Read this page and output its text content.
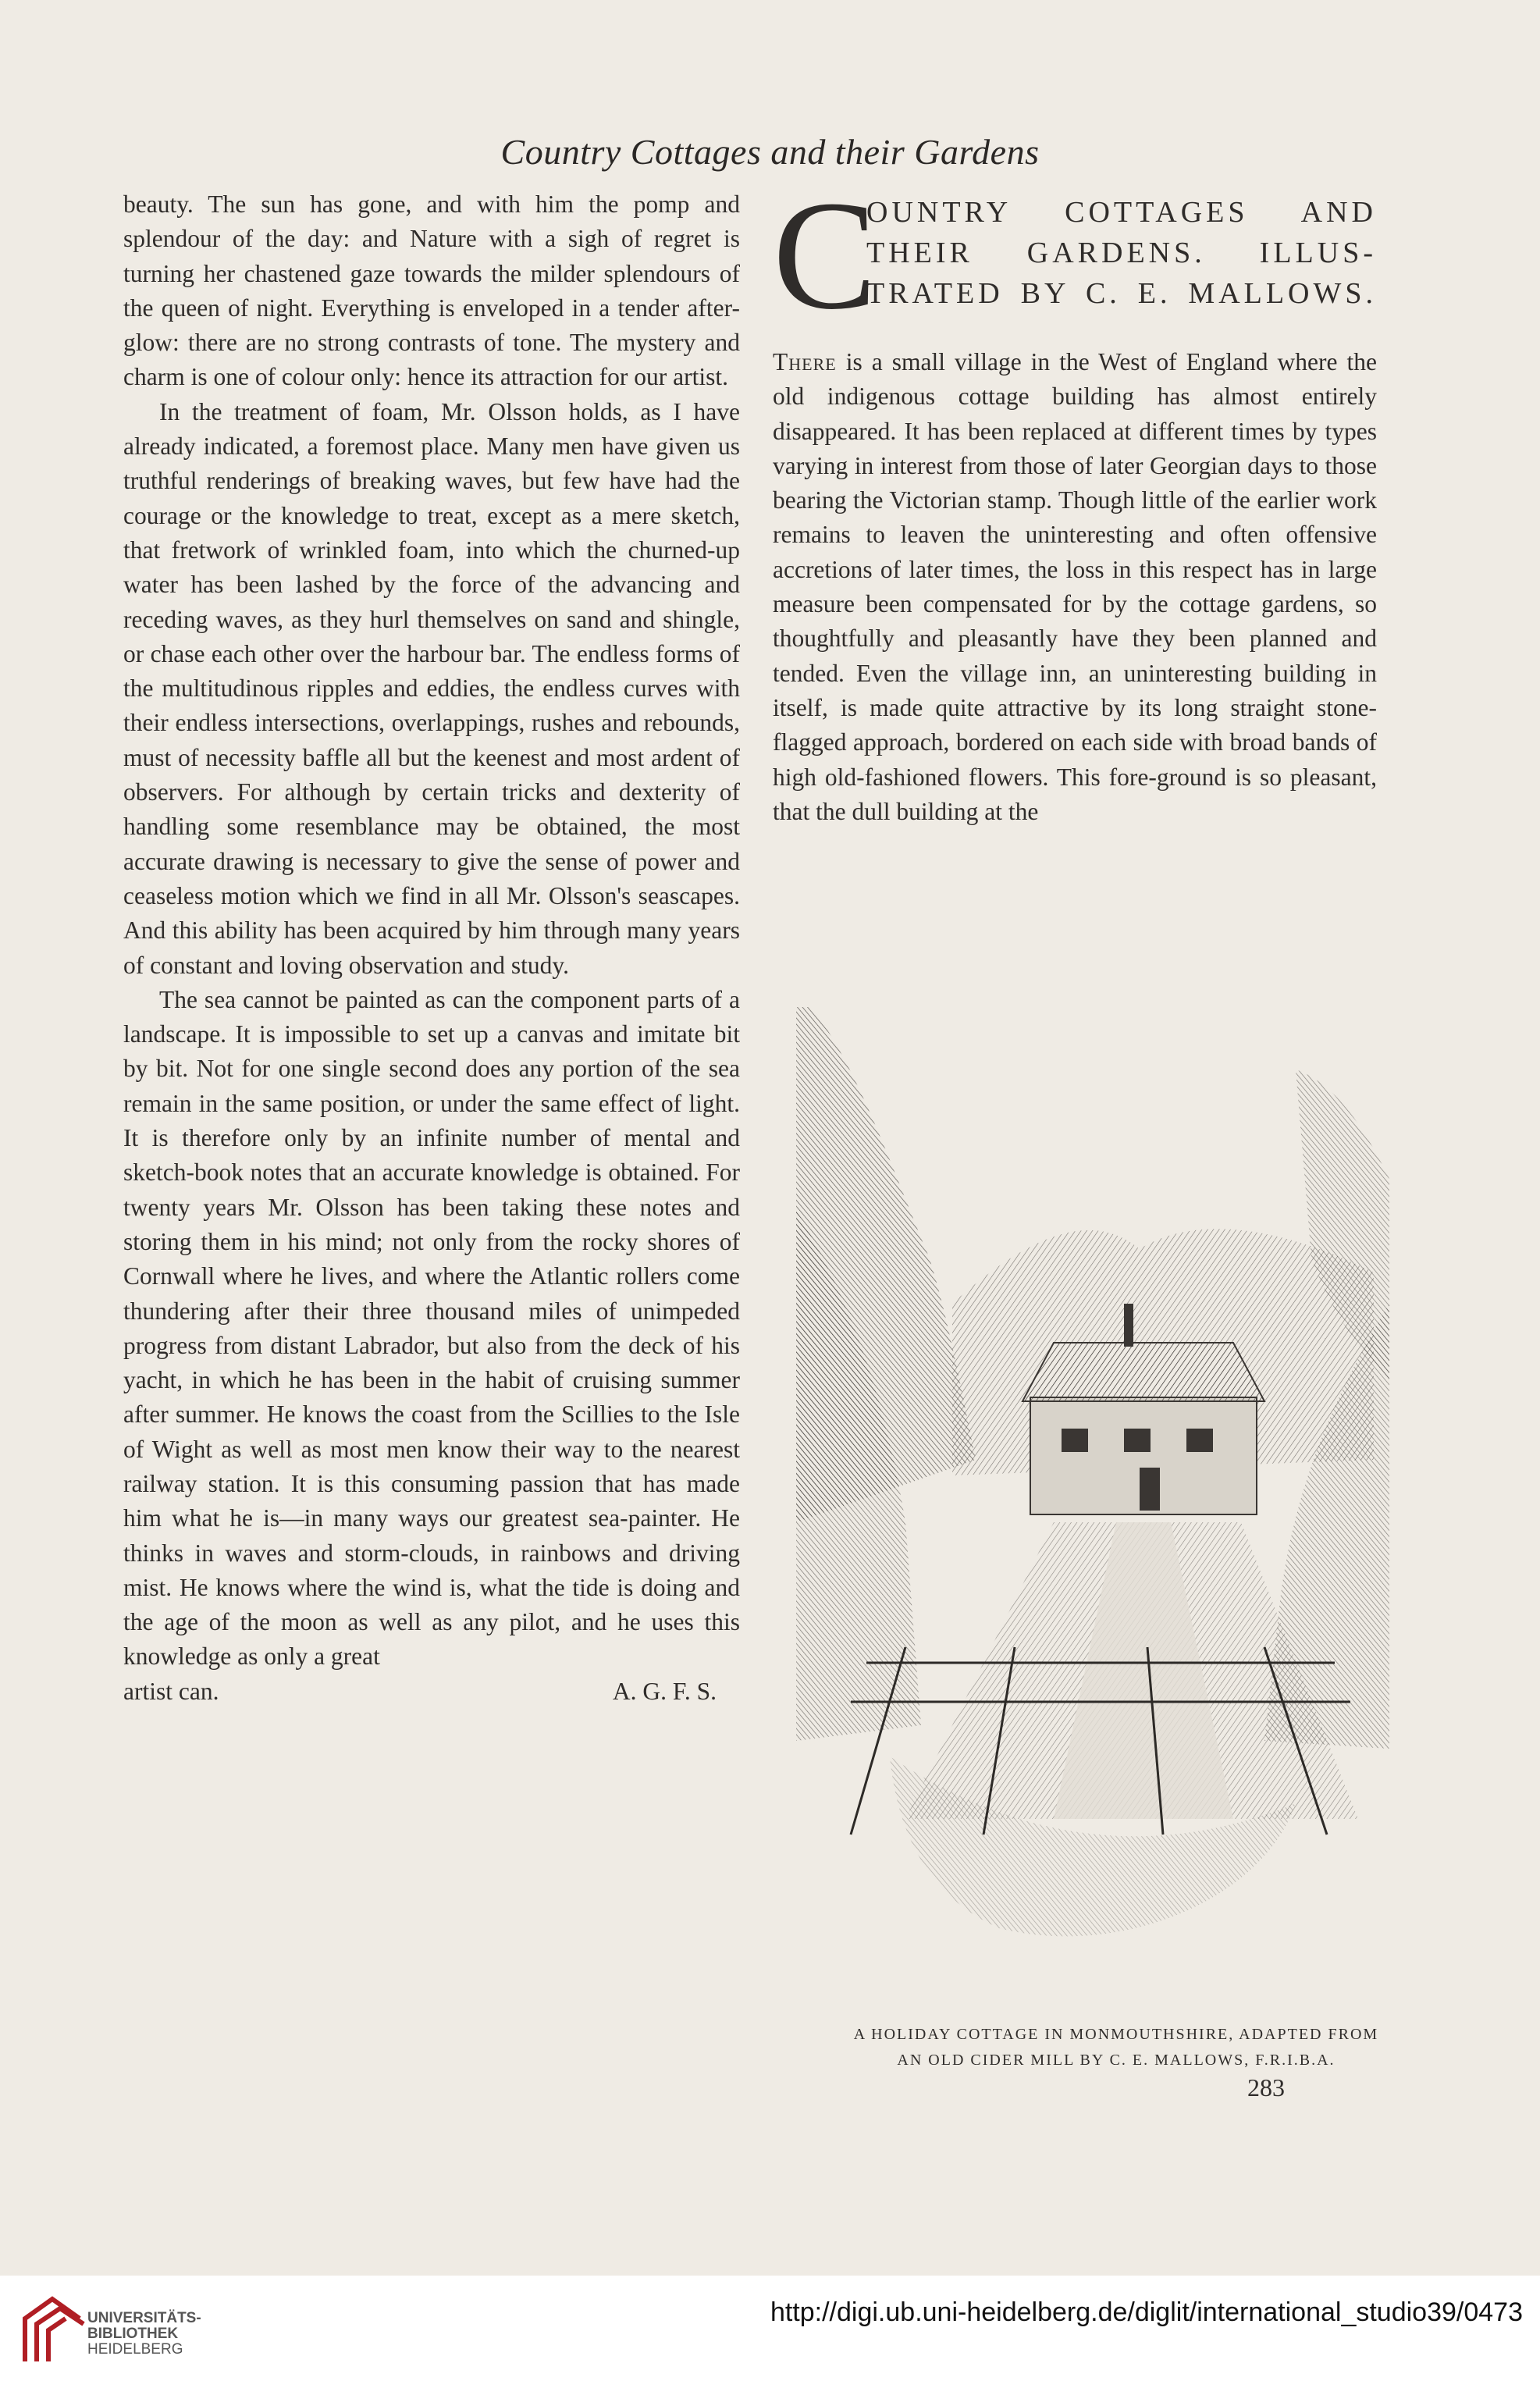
Country Cottages and their Gardens

beauty. The sun has gone, and with him the pomp and splendour of the day: and Nature with a sigh of regret is turning her chastened gaze towards the milder splendours of the queen of night. Everything is enveloped in a tender after-glow: there are no strong contrasts of tone. The mystery and charm is one of colour only: hence its attraction for our artist.

In the treatment of foam, Mr. Olsson holds, as I have already indicated, a foremost place. Many men have given us truthful renderings of breaking waves, but few have had the courage or the knowledge to treat, except as a mere sketch, that fretwork of wrinkled foam, into which the churned-up water has been lashed by the force of the advancing and receding waves, as they hurl themselves on sand and shingle, or chase each other over the harbour bar. The endless forms of the multitudinous ripples and eddies, the endless curves with their endless intersections, overlappings, rushes and rebounds, must of necessity baffle all but the keenest and most ardent of observers. For although by certain tricks and dexterity of handling some resemblance may be obtained, the most accurate drawing is necessary to give the sense of power and ceaseless motion which we find in all Mr. Olsson's seascapes. And this ability has been acquired by him through many years of constant and loving observation and study.

The sea cannot be painted as can the component parts of a landscape. It is impossible to set up a canvas and imitate bit by bit. Not for one single second does any portion of the sea remain in the same position, or under the same effect of light. It is therefore only by an infinite number of mental and sketch-book notes that an accurate knowledge is obtained. For twenty years Mr. Olsson has been taking these notes and storing them in his mind; not only from the rocky shores of Cornwall where he lives, and where the Atlantic rollers come thundering after their three thousand miles of unimpeded progress from distant Labrador, but also from the deck of his yacht, in which he has been in the habit of cruising summer after summer. He knows the coast from the Scillies to the Isle of Wight as well as most men know their way to the nearest railway station. It is this consuming passion that has made him what he is—in many ways our greatest sea-painter. He thinks in waves and storm-clouds, in rainbows and driving mist. He knows where the wind is, what the tide is doing and the age of the moon as well as any pilot, and he uses this knowledge as only a great

artist can.	A. G. F. S.
C
OUNTRY COTTAGES AND
THEIR GARDENS. ILLUS-
TRATED BY C. E. MALLOWS.

There is a small village in the West of England where the old indigenous cottage building has almost entirely disappeared. It has been replaced at different times by types varying in interest from those of later Georgian days to those bearing the Victorian stamp. Though little of the earlier work remains to leaven the uninteresting and often offensive accretions of later times, the loss in this respect has in large measure been compensated for by the cottage gardens, so thoughtfully and pleasantly have they been planned and tended. Even the village inn, an uninteresting building in itself, is made quite attractive by its long straight stone-flagged approach, bordered on each side with broad bands of high old-fashioned flowers. This fore-ground is so pleasant, that the dull building at the

A HOLIDAY COTTAGE IN MONMOUTHSHIRE, ADAPTED FROM
AN OLD CIDER MILL BY C. E. MALLOWS, F.R.I.B.A.
283
UNIVERSITÄTS-
BIBLIOTHEK
HEIDELBERG
http://digi.ub.uni-heidelberg.de/diglit/international_studio39/0473
